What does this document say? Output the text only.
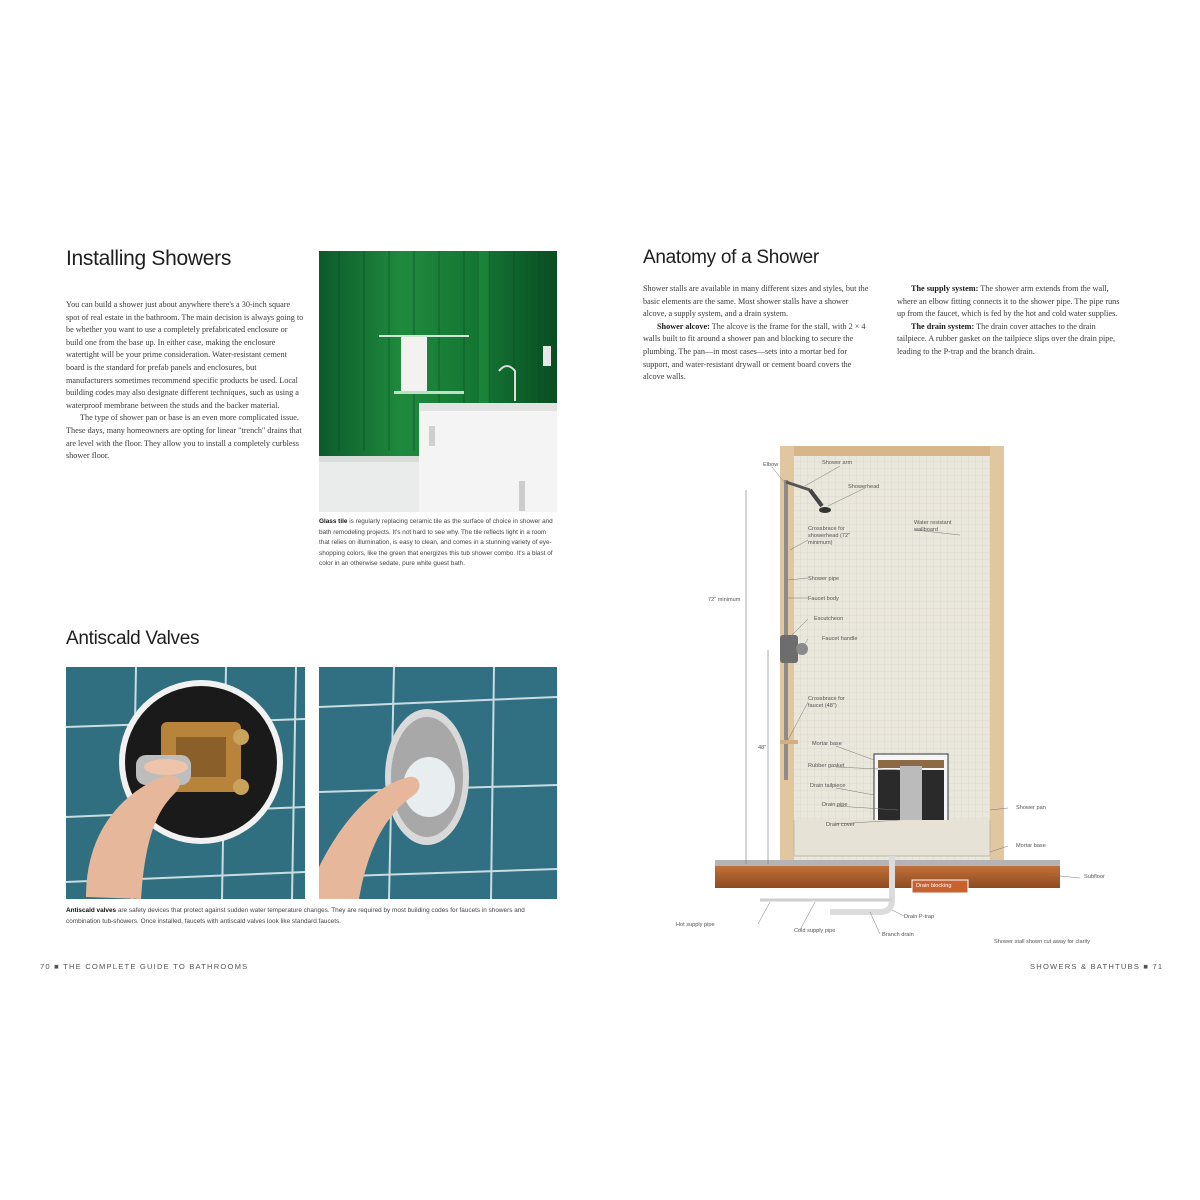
Installing Showers

You can build a shower just about anywhere there's a 30-inch square spot of real estate in the bathroom. The main decision is always going to be whether you want to use a completely prefabricated enclosure or build one from the base up. In either case, making the enclosure watertight will be your prime consideration. Water-resistant cement board is the standard for prefab panels and enclosures, but manufacturers sometimes recommend specific products be used. Local building codes may also designate different techniques, such as using a waterproof membrane between the studs and the backer material.

The type of shower pan or base is an even more complicated issue. These days, many homeowners are opting for linear "trench" drains that are level with the floor. They allow you to install a completely curbless shower floor.

Glass tile is regularly replacing ceramic tile as the surface of choice in shower and bath remodeling projects. It's not hard to see why. The tile reflects light in a room that relies on illumination, is easy to clean, and comes in a stunning variety of eye-shopping colors, like the green that energizes this tub shower combo. It's a blast of color in an otherwise sedate, pure white guest bath.
Antiscald Valves
Antiscald valves are safety devices that protect against sudden water temperature changes. They are required by most building codes for faucets in showers and combination tub-showers. Once installed, faucets with antiscald valves look like standard faucets.
70 ■ THE COMPLETE GUIDE TO BATHROOMS
Anatomy of a Shower

Shower stalls are available in many different sizes and styles, but the basic elements are the same. Most shower stalls have a shower alcove, a supply system, and a drain system.

Shower alcove: The alcove is the frame for the stall, with 2 × 4 walls built to fit around a shower pan and blocking to secure the plumbing. The pan—in most cases—sets into a mortar bed for support, and water-resistant drywall or cement board covers the alcove walls.

The supply system: The shower arm extends from the wall, where an elbow fitting connects it to the shower pipe. The pipe runs up from the faucet, which is fed by the hot and cold water supplies.

The drain system: The drain cover attaches to the drain tailpiece. A rubber gasket on the tailpiece slips over the drain pipe, leading to the P-trap and the branch drain.

Elbow	Shower arm
Showerhead
Water resistant wallboard
Crossbrace for showerhead (72" minimum)
72" minimum
Shower pipe
Faucet body
Escutcheon
Faucet handle
Crossbrace for faucet (48")
48"
Mortar base
Rubber gasket
Drain tailpiece
Drain pipe
Drain cover
Shower pan
Mortar base
Subfloor
Drain blocking
Drain P-trap
Hot supply pipe
Cold supply pipe
Branch drain
Shower stall shown cut away for clarity
SHOWERS & BATHTUBS ■ 71
